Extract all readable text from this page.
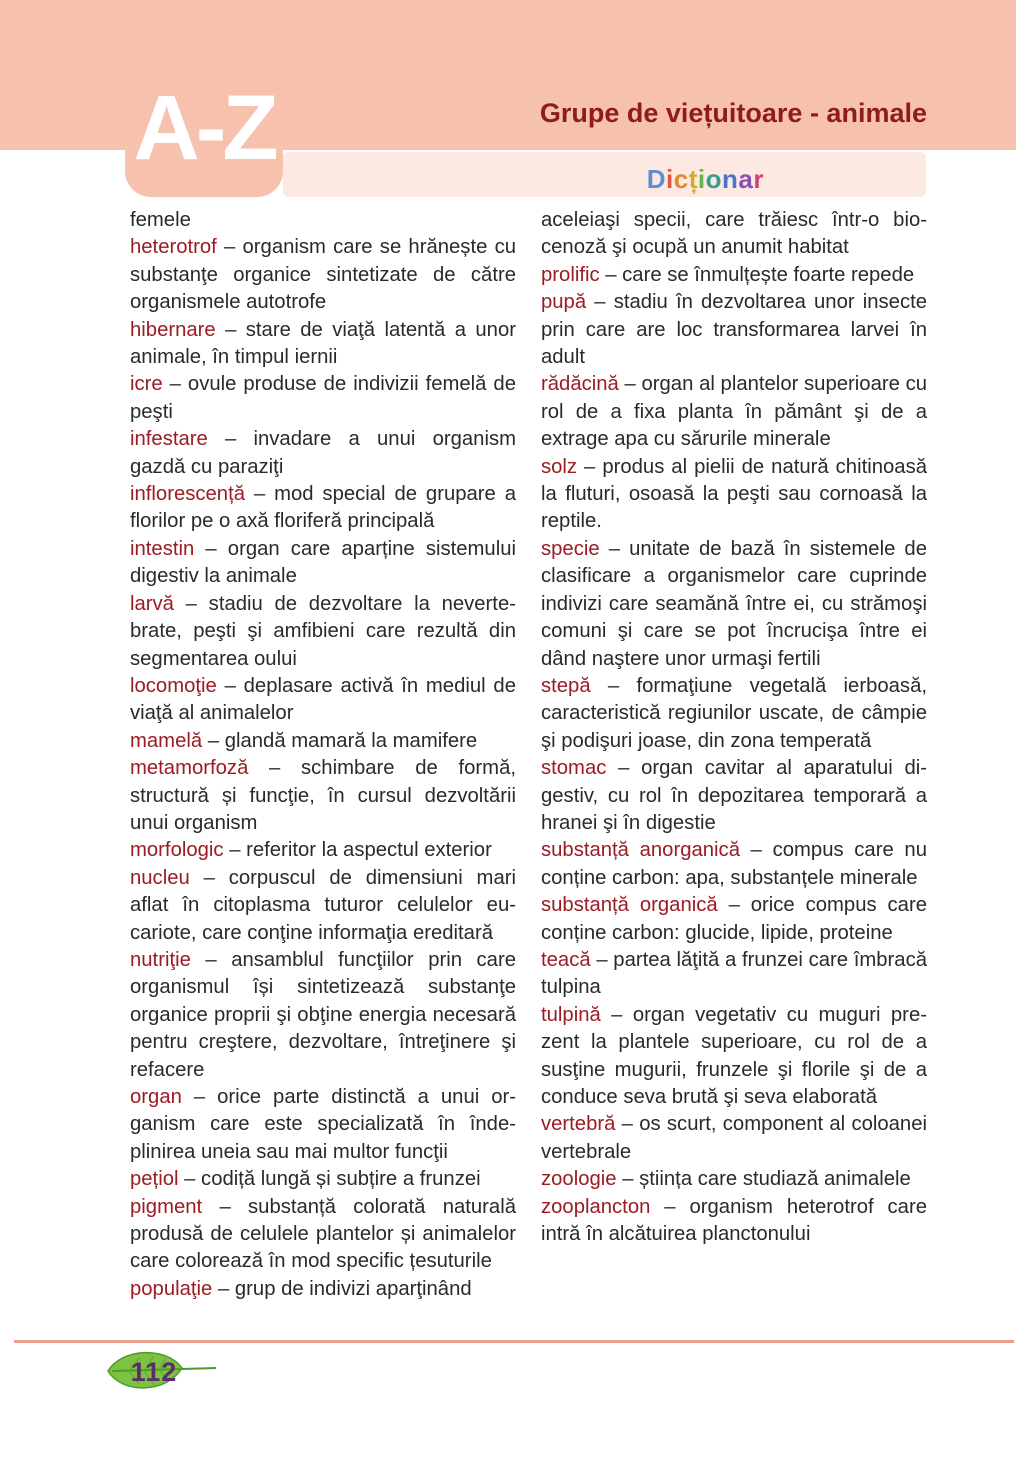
A-Z	Grupe de viețuitoare - animale
Dicționar
femele
heterotrof – organism care se hrănește cu substanţe organice sintetizate de către organismele autotrofe
hibernare – stare de viaţă latentă a unor animale, în timpul iernii
icre – ovule produse de indivizii femelă de peşti
infestare – invadare a unui organism gazdă cu paraziţi
inflorescență – mod special de grupare a florilor pe o axă floriferă principală
intestin – organ care aparține sistemului digestiv la animale
larvă – stadiu de dezvoltare la nevertebrate, peşti şi amfibieni care rezultă din segmentarea oului
locomoţie – deplasare activă în mediul de viaţă al animalelor
mamelă – glandă mamară la mamifere
metamorfoză – schimbare de formă, structură și funcţie, în cursul dezvoltării unui organism
morfologic – referitor la aspectul exterior
nucleu – corpuscul de dimensiuni mari aflat în citoplasma tuturor celulelor eucariote, care conţine informaţia ereditară
nutriţie – ansamblul funcţiilor prin care organismul își sintetizează substanţe organice proprii şi obţine energia necesară pentru creştere, dezvoltare, întreţinere şi refacere
organ – orice parte distinctă a unui organism care este specializată în îndeplinirea uneia sau mai multor funcţii
pețiol – codiță lungă și subțire a frunzei
pigment – substanță colorată naturală produsă de celulele plantelor și animalelor care colorează în mod specific țesuturile
populaţie – grup de indivizi aparţinând
aceleiaşi specii, care trăiesc într-o biocenoză şi ocupă un anumit habitat
prolific – care se înmulțește foarte repede
pupă – stadiu în dezvoltarea unor insecte prin care are loc transformarea larvei în adult
rădăcină – organ al plantelor superioare cu rol de a fixa planta în pământ şi de a extrage apa cu sărurile minerale
solz – produs al pielii de natură chitinoasă la fluturi, osoasă la peşti sau cornoasă la reptile.
specie – unitate de bază în sistemele de clasificare a organismelor care cuprinde indivizi care seamănă între ei, cu strămoşi comuni şi care se pot încrucişa între ei dând naştere unor urmaşi fertili
stepă – formaţiune vegetală ierboasă, caracteristică regiunilor uscate, de câmpie şi podişuri joase, din zona temperată
stomac – organ cavitar al aparatului digestiv, cu rol în depozitarea temporară a hranei şi în digestie
substanță anorganică – compus care nu conține carbon: apa, substanțele minerale
substanță organică – orice compus care conține carbon: glucide, lipide, proteine
teacă – partea lăţită a frunzei care îmbracă tulpina
tulpină – organ vegetativ cu muguri prezent la plantele superioare, cu rol de a susţine mugurii, frunzele şi florile şi de a conduce seva brută şi seva elaborată
vertebră – os scurt, component al coloanei vertebrale
zoologie – știința care studiază animalele
zooplancton – organism heterotrof care intră în alcătuirea planctonului
112
